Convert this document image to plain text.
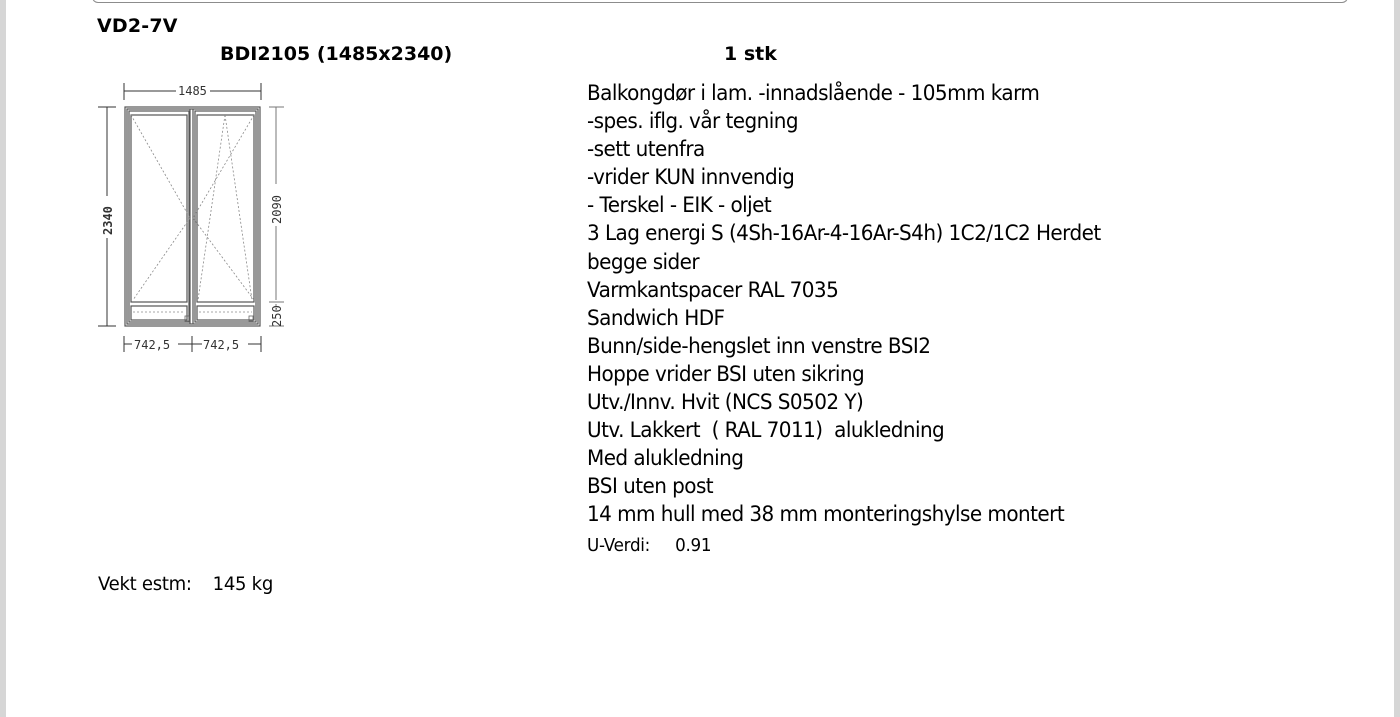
VD2-7V
BDI2105 (1485x2340)	1 stk
1485
2340	2090
250
742,5	742,5
Balkongdør i lam. -innadslående - 105mm karm
-spes. iflg. vår tegning
-sett utenfra
-vrider KUN innvendig
- Terskel - EIK - oljet
3 Lag energi S (4Sh-16Ar-4-16Ar-S4h) 1C2/1C2 Herdet
begge sider
Varmkantspacer RAL 7035
Sandwich HDF
Bunn/side-hengslet inn venstre BSI2
Hoppe vrider BSI uten sikring
Utv./Innv. Hvit (NCS S0502 Y)
Utv. Lakkert  ( RAL 7011)  alukledning
Med alukledning
BSI uten post
14 mm hull med 38 mm monteringshylse montert
U-Verdi: 0.91
Vekt estm: 145 kg
